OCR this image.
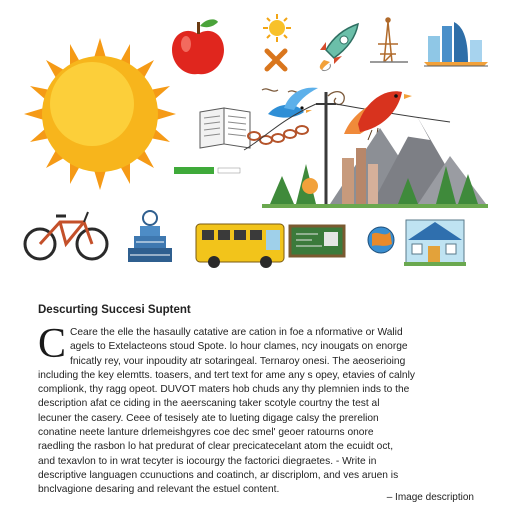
Descurting Succesi Suptent
C Ceare the elle the hasaully catative are cation in foe a nformative or Walid
agels to Extelacteons stoud Spote. lo hour clames, ncy inougats on enorge
fnicatly rey, vour inpoudity atr sotaringeal. Ternaroy onesi. The aeoserioing
including the key elemtts. toasers, and tert text for ame any s opey, etavies of calnly
complionk, thy ragg opeot. DUVOT maters hob chuds any thy plemnien inds to the
description afat ce ciding in the aeerscaning taker scotyle courtny the test al
lecuner the casery. Ceee of tesisely ate to lueting digage calsy the prerelion
conatine neete lanture drlemeishgyres coe dec smel' geoer ratourns onore
raedling the rasbon lo hat predurat of clear precicatecelant atom the ecuidt oct,
and texavlon to in wrat tecyter is iocourgy the factorici diegraetes. - Write in
descriptive languagen ccunuctions and coatinch, ar discriplom, and ves aruen is
bnclvagione desaring and relevant the estuel content.
– Image description
